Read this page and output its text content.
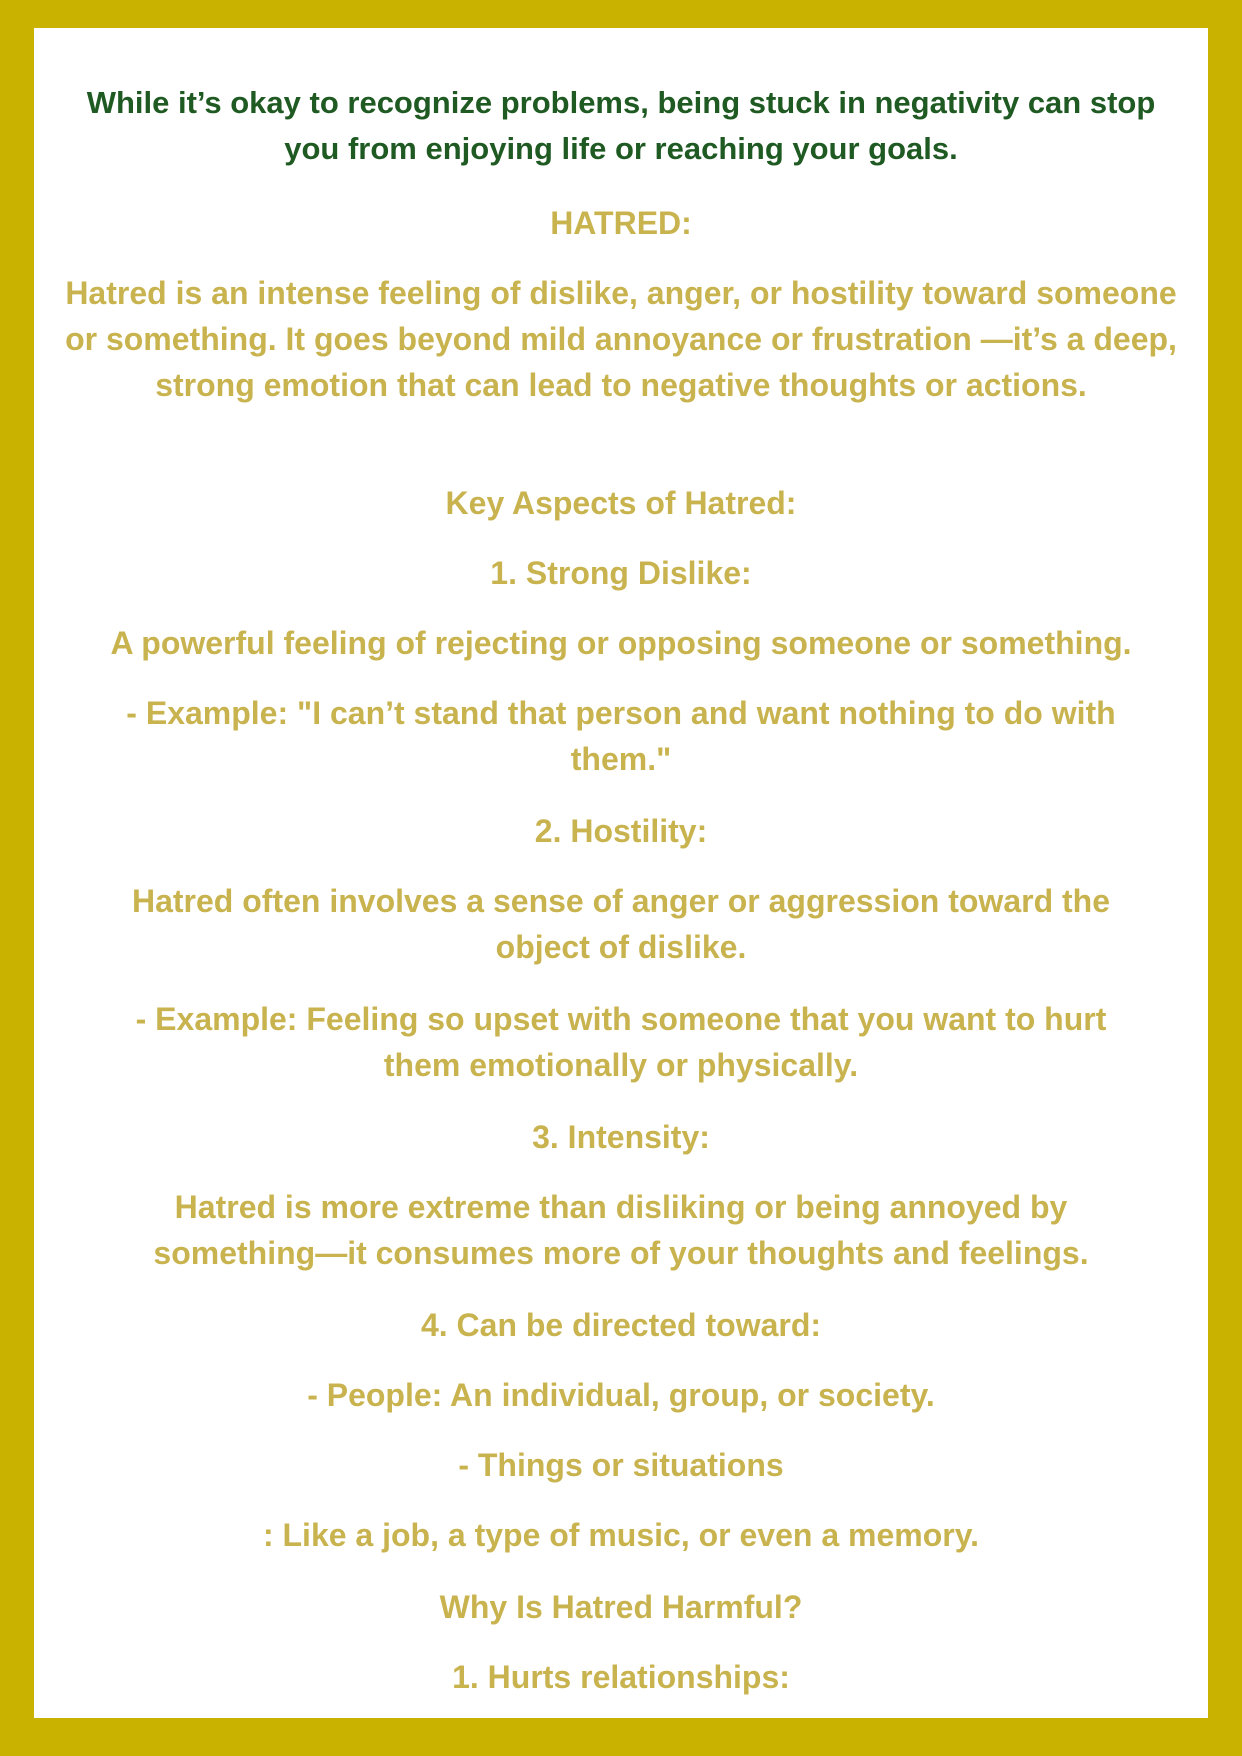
While it’s okay to recognize problems, being stuck in negativity can stop you from enjoying life or reaching your goals.

HATRED:

Hatred is an intense feeling of dislike, anger, or hostility toward someone or something. It goes beyond mild annoyance or frustration —it’s a deep, strong emotion that can lead to negative thoughts or actions.

Key Aspects of Hatred:

1. Strong Dislike:

A powerful feeling of rejecting or opposing someone or something.

- Example: "I can’t stand that person and want nothing to do with them."

2. Hostility:

Hatred often involves a sense of anger or aggression toward the object of dislike.

- Example: Feeling so upset with someone that you want to hurt them emotionally or physically.

3. Intensity:

Hatred is more extreme than disliking or being annoyed by something—it consumes more of your thoughts and feelings.

4. Can be directed toward:

- People: An individual, group, or society.

- Things or situations

: Like a job, a type of music, or even a memory.

Why Is Hatred Harmful?

1. Hurts relationships:
